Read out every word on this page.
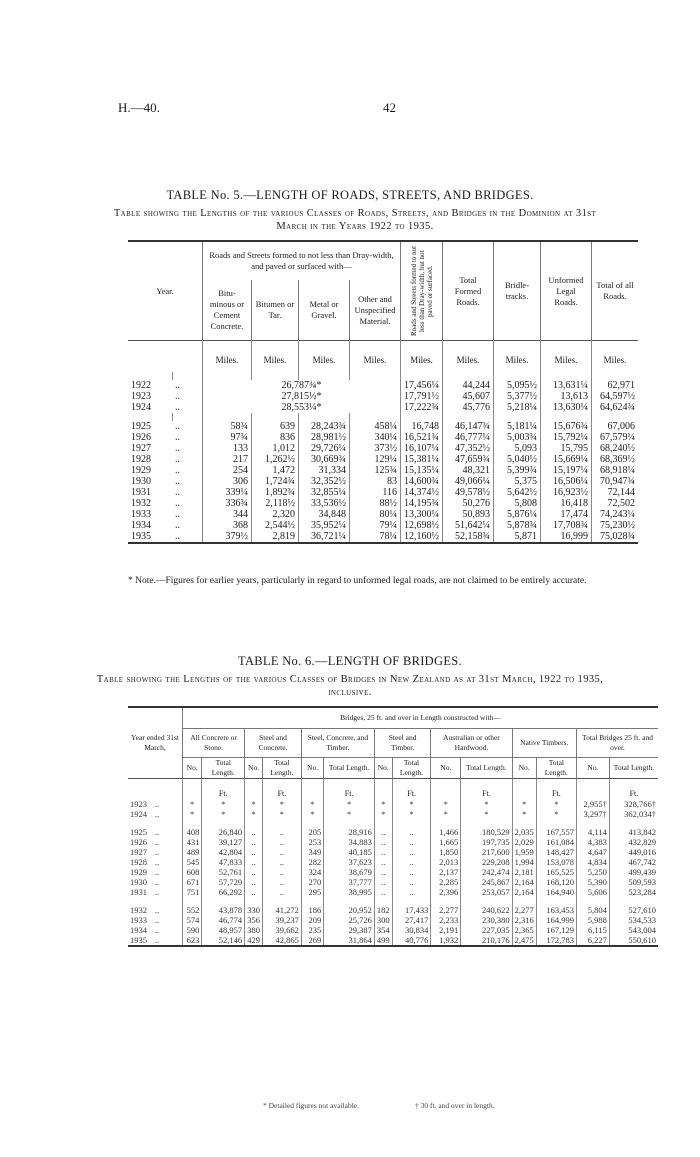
H.—40.	42
TABLE No. 5.—LENGTH OF ROADS, STREETS, AND BRIDGES.
Table showing the Lengths of the various Classes of Roads, Streets, and Bridges in the Dominion at 31st March in the Years 1922 to 1935.
Year.		Roads and Streets formed to not less than Dray-width, and paved or surfaced with—				Roads and Streets formed to not less than Dray-width, but not paved or surfaced.	Total Formed Roads.	Bridle-tracks.	Unformed Legal Roads.	Total of all Roads.
		Bitu-minous or Cement Concrete.	Bitumen or Tar.	Metal or Gravel.	Other and Unspecified Material.					
		Miles.	Miles.	Miles.	Miles.	Miles.	Miles.	Miles.	Miles.	Miles.

1922	..	26,787¾*				17,456¼	44,244	5,095½	13,631¼	62,971
1923	..	27,815½*				17,791½	45,607	5,377½	13,613	64,597½
1924	..	28,553¼*				17,222¾	45,776	5,218¼	13,630¼	64,624¾

1925	..	58¾	639	28,243¾	458¼	16,748	46,147¾	5,181¼	15,676¾	67,006
1926	..	97¾	836	28,981½	340¼	16,521¾	46,777¼	5,003¾	15,792¼	67,579¼
1927	..	133	1,012	29,726¼	373½	16,107¼	47,352½	5,093	15,795	68,240½
1928	..	217	1,262½	30,669¾	129¼	15,381¼	47,659¾	5,040½	15,669¼	68,369½
1929	..	254	1,472	31,334	125¾	15,135¼	48,321	5,399¾	15,197¼	68,918¼
1930	..	306	1,724¾	32,352½	83	14,600¾	49,066¼	5,375	16,506¼	70,947¾
1931	..	339¼	1,892¾	32,855¼	116	14,374½	49,578½	5,642½	16,923½	72,144
1932	..	336¾	2,118½	33,536½	88½	14,195¾	50,276	5,808	16,418	72,502
1933	..	344	2,320	34,848	80¼	13,300¼	50,893	5,876¼	17,474	74,243¼
1934	..	368	2,544½	35,952¼	79¼	12,698½	51,642¼	5,878¾	17,708¾	75,230½
1935	..	379½	2,819	36,721¼	78¼	12,160½	52,158¾	5,871	16,999	75,028¾
* Note.—Figures for earlier years, particularly in regard to unformed legal roads, are not claimed to be entirely accurate.
TABLE No. 6.—LENGTH OF BRIDGES.
Table showing the Lengths of the various Classes of Bridges in New Zealand as at 31st March, 1922 to 1935, inclusive.
Year ended 31st March,	Bridges, 25 ft. and over in Length constructed with—													
	All Concrete or Stone.		Steel and Concrete.		Steel, Concrete, and Timber.		Steel and Timber.		Australian or other Hardwood.		Native Timbers.		Total Bridges 25 ft. and over.	
	No.	Total Length.	No.	Total Length.	No.	Total Length.	No.	Total Length.	No.	Total Length.	No.	Total Length.	No.	Total Length.
		Ft.		Ft.		Ft.		Ft.		Ft.		Ft.		Ft.
1923 ..	*	*	*	*	*	*	*	*	*	*	*	*	2,955†	328,766†
1924 ..	*	*	*	*	*	*	*	*	*	*	*	*	3,297†	362,034†

1925 ..	408	26,840	..	..	205	28,916	..	..	1,466	180,529	2,035	167,557	4,114	413,842
1926 ..	431	39,127	..	..	253	34,883	..	..	1,665	197,735	2,029	161,084	4,383	432,829
1927 ..	489	42,804	..	..	349	40,185	..	..	1,850	217,600	1,959	148,427	4,647	449,016
1928 ..	545	47,833	..	..	282	37,623	..	..	2,013	229,208	1,994	153,078	4,834	467,742
1929 ..	608	52,761	..	..	324	38,679	..	..	2,137	242,474	2,181	165,525	5,250	499,439
1930 ..	671	57,729	..	..	270	37,777	..	..	2,285	245,867	2,164	168,120	5,390	509,593
1931 ..	751	66,292	..	..	295	38,995	..	..	2,396	253,057	2,164	164,940	5,606	523,284

1932 ..	552	43,878	330	41,272	186	20,952	182	17,433	2,277	240,622	2,277	163,453	5,804	527,610
1933 ..	574	46,774	356	39,237	209	25,726	300	27,417	2,233	230,380	2,316	164,999	5,988	534,533
1934 ..	590	48,957	380	39,662	235	29,387	354	30,834	2,191	227,035	2,365	167,129	6,115	543,004
1935 ..	623	52,146	429	42,865	269	31,864	499	40,776	1,932	210,176	2,475	172,783	6,227	550,610
* Detailed figures not available.	† 30 ft. and over in length.
